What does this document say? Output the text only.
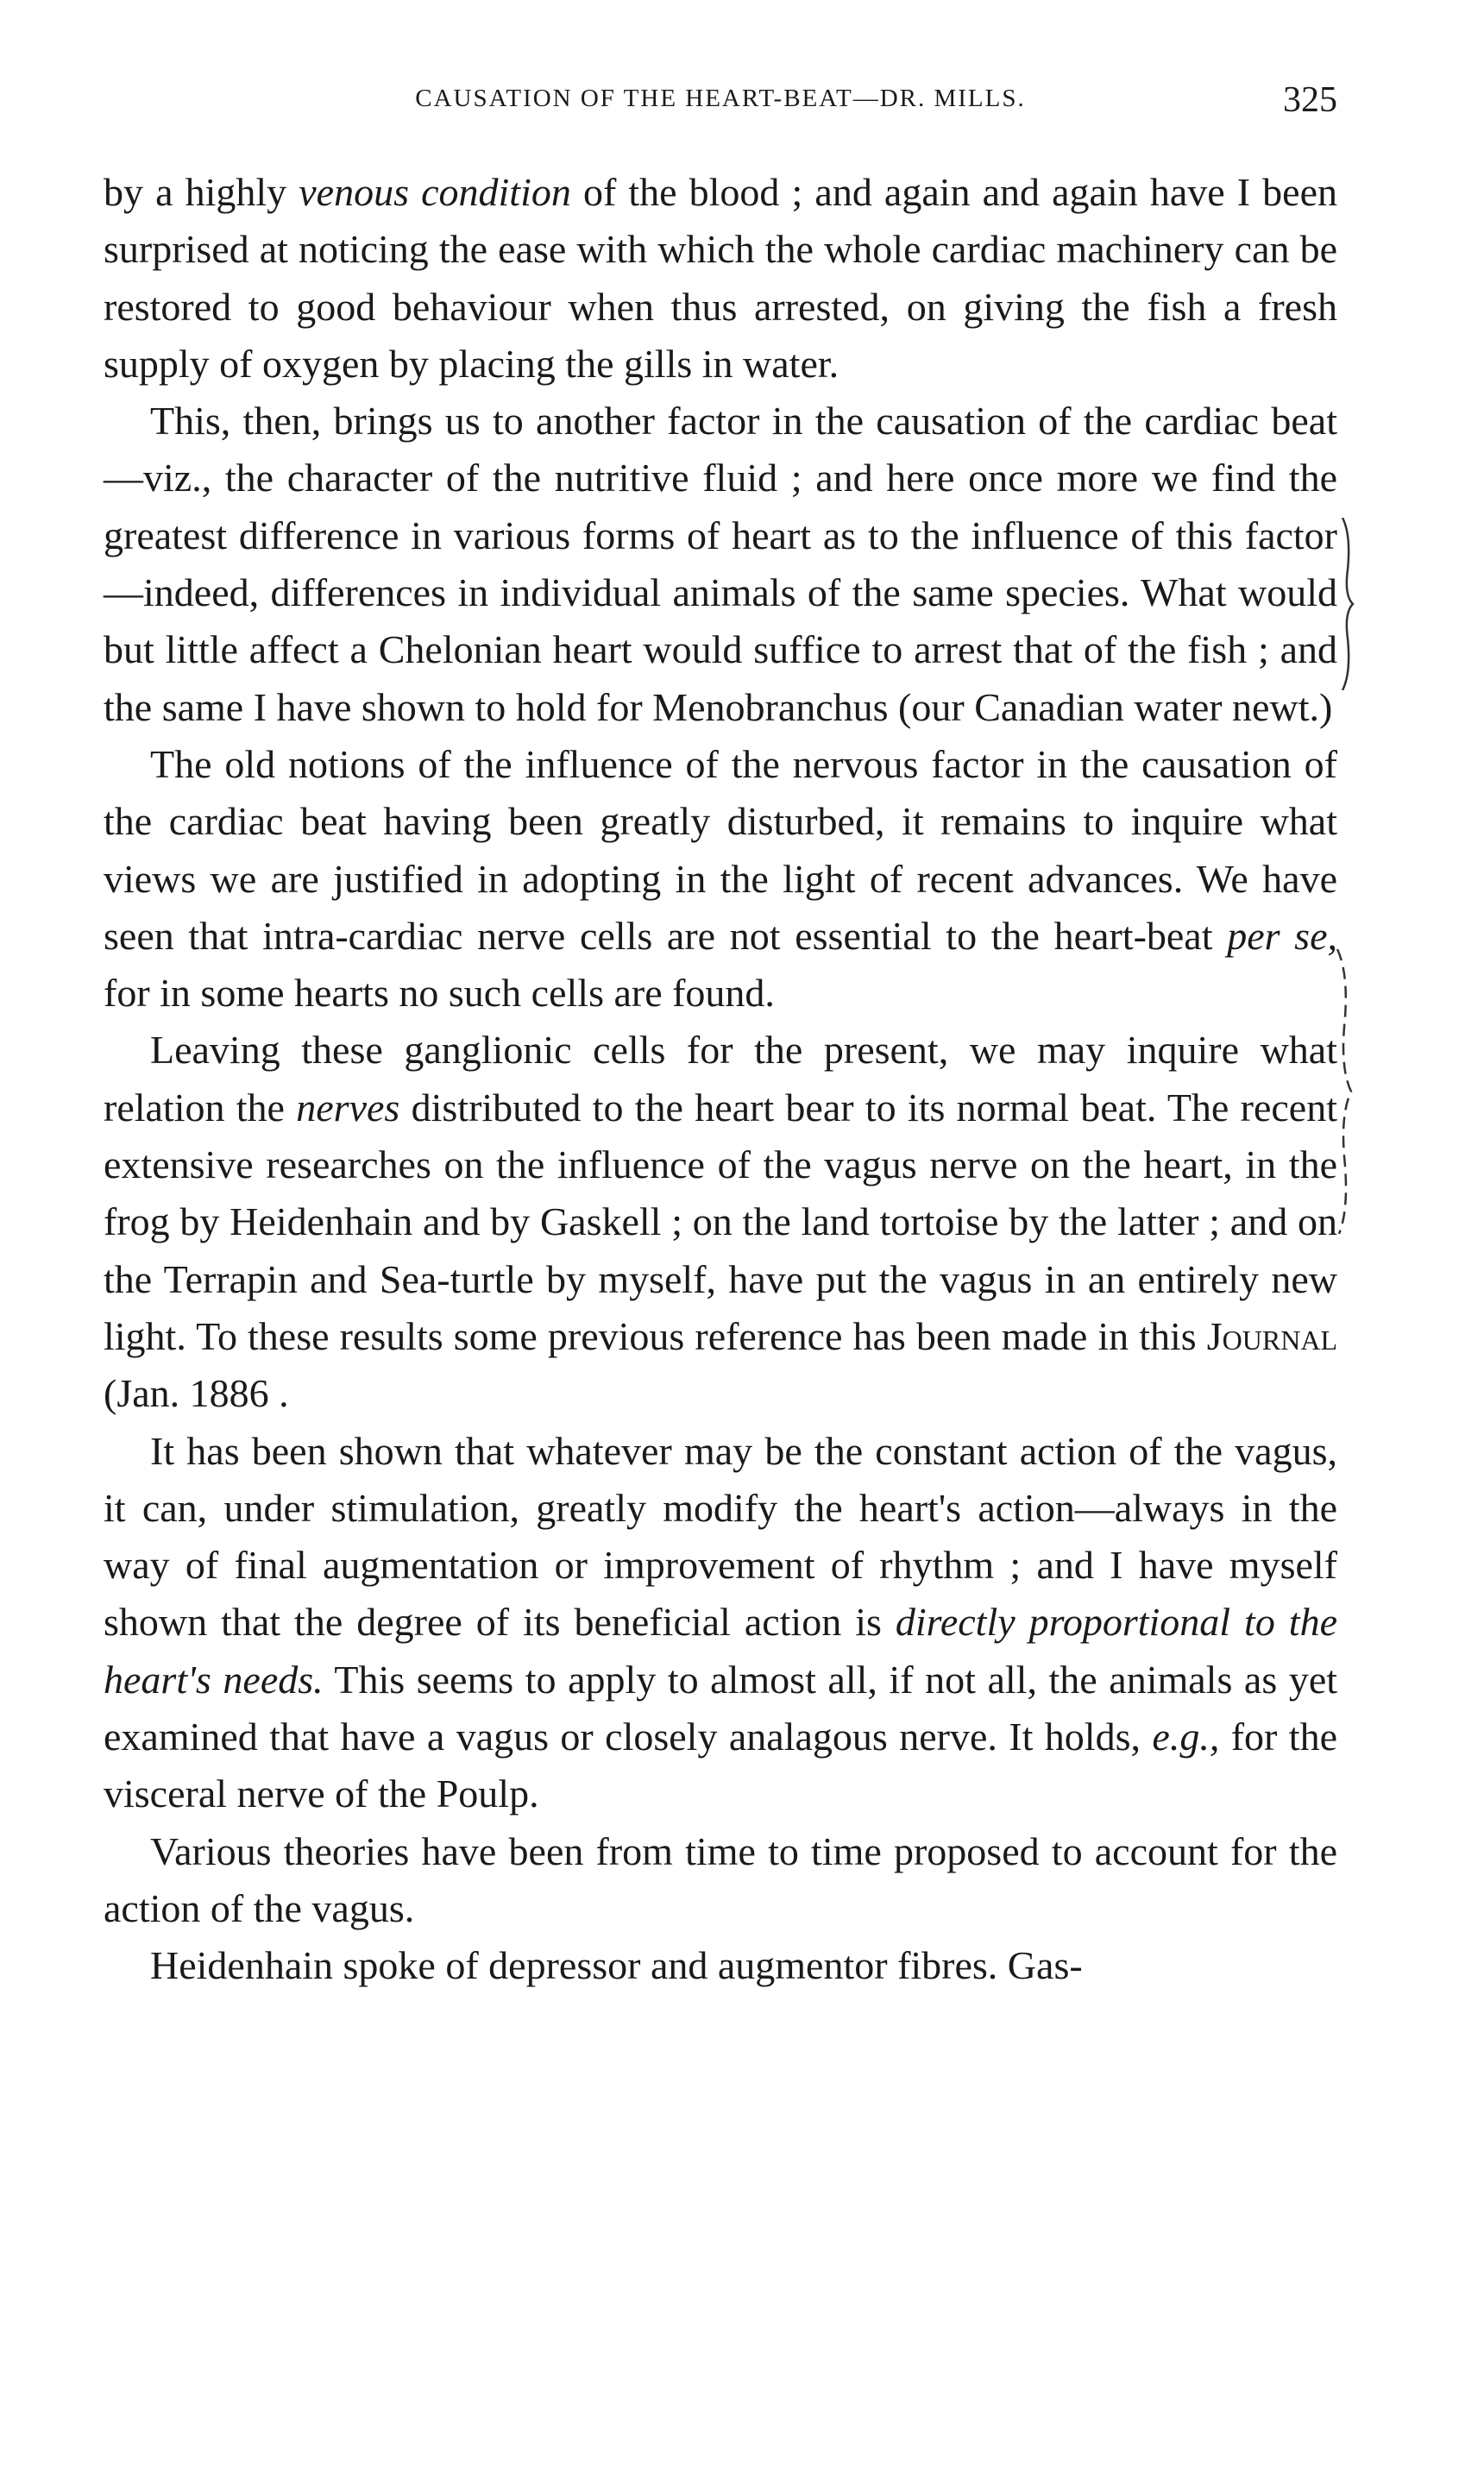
CAUSATION OF THE HEART-BEAT—DR. MILLS.	325

by a highly venous condition of the blood ; and again and again have I been surprised at noticing the ease with which the whole cardiac machinery can be restored to good behaviour when thus arrested, on giving the fish a fresh supply of oxygen by placing the gills in water.

This, then, brings us to another factor in the causation of the cardiac beat—viz., the character of the nutritive fluid ; and here once more we find the greatest difference in various forms of heart as to the influence of this factor—indeed, differences in individual animals of the same species. What would but little affect a Chelonian heart would suffice to arrest that of the fish ; and the same I have shown to hold for Menobranchus (our Canadian water newt.)

The old notions of the influence of the nervous factor in the causation of the cardiac beat having been greatly disturbed, it remains to inquire what views we are justified in adopting in the light of recent advances. We have seen that intra-cardiac nerve cells are not essential to the heart-beat per se, for in some hearts no such cells are found.

Leaving these ganglionic cells for the present, we may inquire what relation the nerves distributed to the heart bear to its normal beat. The recent extensive researches on the influence of the vagus nerve on the heart, in the frog by Heidenhain and by Gaskell ; on the land tortoise by the latter ; and on the Terrapin and Sea-turtle by myself, have put the vagus in an entirely new light. To these results some previous reference has been made in this Journal (Jan. 1886 .

It has been shown that whatever may be the constant action of the vagus, it can, under stimulation, greatly modify the heart's action—always in the way of final augmentation or improvement of rhythm ; and I have myself shown that the degree of its beneficial action is directly proportional to the heart's needs. This seems to apply to almost all, if not all, the animals as yet examined that have a vagus or closely analagous nerve. It holds, e.g., for the visceral nerve of the Poulp.

Various theories have been from time to time proposed to account for the action of the vagus.

Heidenhain spoke of depressor and augmentor fibres. Gas-
